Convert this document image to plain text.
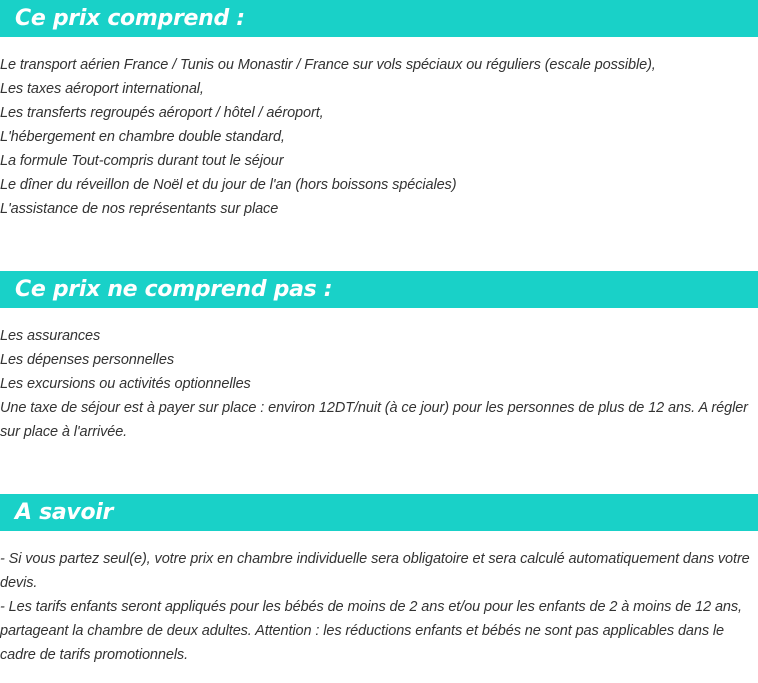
Ce prix comprend :
Le transport aérien France / Tunis ou Monastir / France sur vols spéciaux ou réguliers (escale possible),
Les taxes aéroport international,
Les transferts regroupés aéroport / hôtel / aéroport,
L'hébergement en chambre double standard,
La formule Tout-compris durant tout le séjour
Le dîner du réveillon de Noël et du jour de l'an (hors boissons spéciales)
L'assistance de nos représentants sur place
Ce prix ne comprend pas :
Les assurances
Les dépenses personnelles
Les excursions ou activités optionnelles
Une taxe de séjour est à payer sur place : environ 12DT/nuit (à ce jour) pour les personnes de plus de 12 ans. A régler sur place à l'arrivée.
A savoir
- Si vous partez seul(e), votre prix en chambre individuelle sera obligatoire et sera calculé automatiquement dans votre devis.
- Les tarifs enfants seront appliqués pour les bébés de moins de 2 ans et/ou pour les enfants de 2 à moins de 12 ans, partageant la chambre de deux adultes. Attention : les réductions enfants et bébés ne sont pas applicables dans le cadre de tarifs promotionnels.
